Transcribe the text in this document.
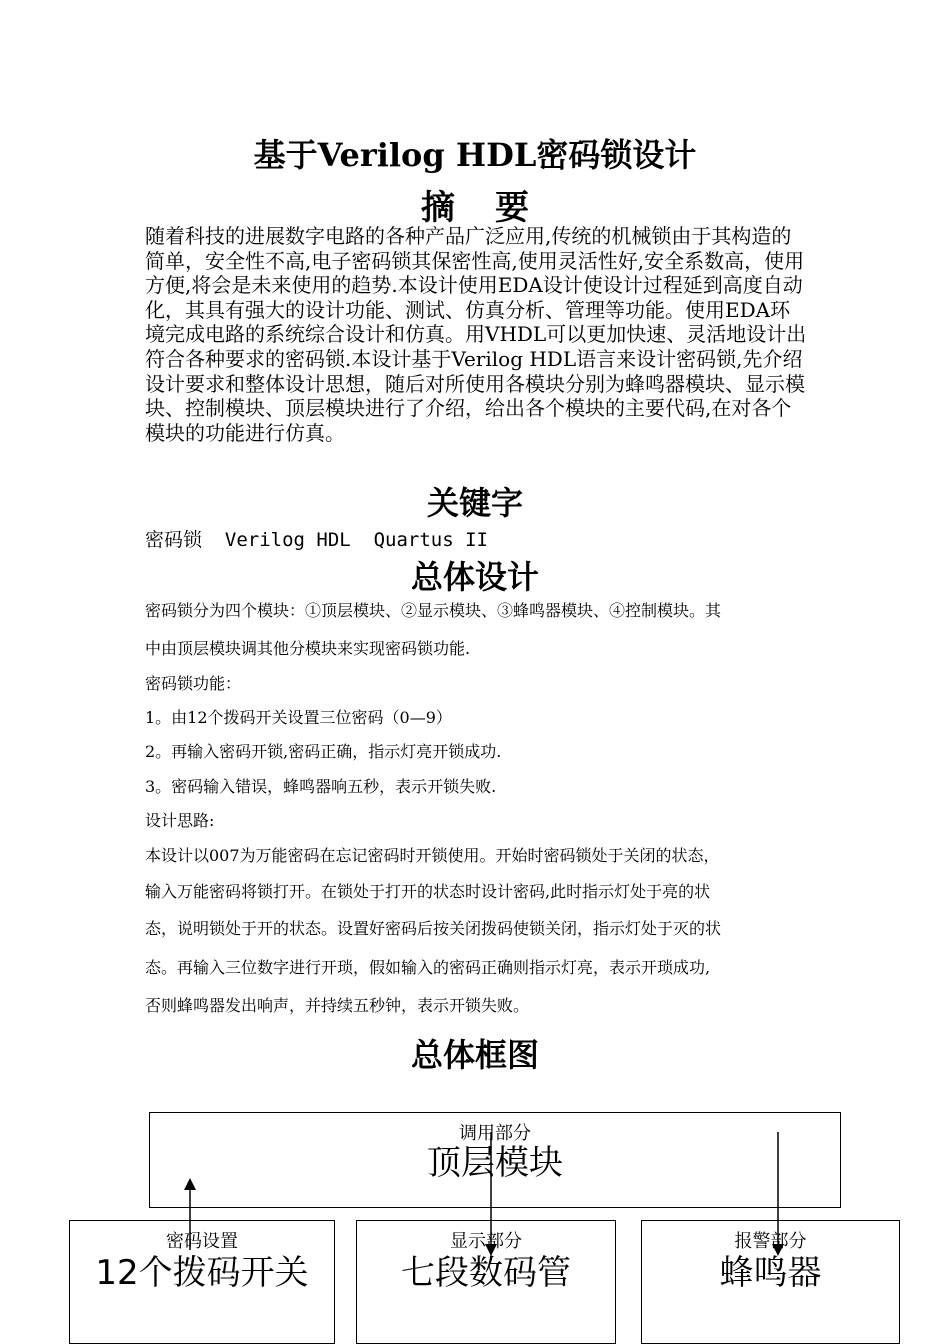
基于Verilog HDL密码锁设计
摘要
随着科技的进展数字电路的各种产品广泛应用,传统的机械锁由于其构造的简单，安全性不高,电子密码锁其保密性高,使用灵活性好,安全系数高，使用方便,将会是未来使用的趋势.本设计使用EDA设计使设计过程延到高度自动化，其具有强大的设计功能、测试、仿真分析、管理等功能。使用EDA环境完成电路的系统综合设计和仿真。用VHDL可以更加快速、灵活地设计出符合各种要求的密码锁.本设计基于Verilog HDL语言来设计密码锁,先介绍设计要求和整体设计思想，随后对所使用各模块分别为蜂鸣器模块、显示模块、控制模块、顶层模块进行了介绍，给出各个模块的主要代码,在对各个模块的功能进行仿真。
关键字
密码锁  Verilog HDL  Quartus II
总体设计
密码锁分为四个模块：①顶层模块、②显示模块、③蜂鸣器模块、④控制模块。其
中由顶层模块调其他分模块来实现密码锁功能.
密码锁功能：
1。由12个拨码开关设置三位密码（0—9）
2。再输入密码开锁,密码正确，指示灯亮开锁成功.
3。密码输入错误，蜂鸣器响五秒，表示开锁失败.
设计思路:
本设计以007为万能密码在忘记密码时开锁使用。开始时密码锁处于关闭的状态，
输入万能密码将锁打开。在锁处于打开的状态时设计密码,此时指示灯处于亮的状
态，说明锁处于开的状态。设置好密码后按关闭拨码使锁关闭，指示灯处于灭的状
态。再输入三位数字进行开琐，假如输入的密码正确则指示灯亮，表示开琐成功,
否则蜂鸣器发出响声，并持续五秒钟，表示开锁失败。
总体框图
调用部分
顶层模块
密码设置
12个拨码开关
显示部分
七段数码管
报警部分
蜂鸣器
